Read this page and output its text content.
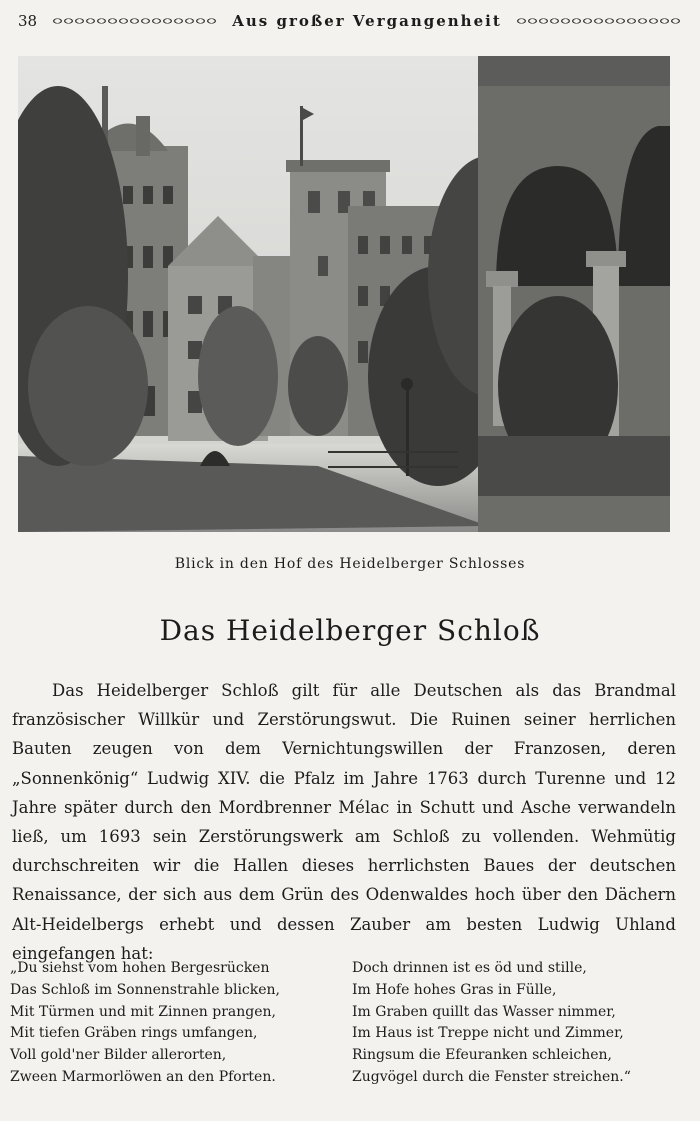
38	Aus großer Vergangenheit
Blick in den Hof des Heidelberger Schlosses
Das Heidelberger Schloß

Das Heidelberger Schloß gilt für alle Deutschen als das Brandmal französischer Willkür und Zerstörungswut. Die Ruinen seiner herrlichen Bauten zeugen von dem Vernichtungswillen der Franzosen, deren „Sonnenkönig“ Ludwig XIV. die Pfalz im Jahre 1763 durch Turenne und 12 Jahre später durch den Mordbrenner Mélac in Schutt und Asche verwandeln ließ, um 1693 sein Zerstörungswerk am Schloß zu vollenden. Wehmütig durchschreiten wir die Hallen dieses herrlichsten Baues der deutschen Renaissance, der sich aus dem Grün des Odenwaldes hoch über den Dächern Alt-Heidelbergs erhebt und dessen Zauber am besten Ludwig Uhland eingefangen hat:

„Du siehst vom hohen Bergesrücken
Das Schloß im Sonnenstrahle blicken,
Mit Türmen und mit Zinnen prangen,
Mit tiefen Gräben rings umfangen,
Voll gold'ner Bilder allerorten,
Zween Marmorlöwen an den Pforten.
Doch drinnen ist es öd und stille,
Im Hofe hohes Gras in Fülle,
Im Graben quillt das Wasser nimmer,
Im Haus ist Treppe nicht und Zimmer,
Ringsum die Efeuranken schleichen,
Zugvögel durch die Fenster streichen.“
